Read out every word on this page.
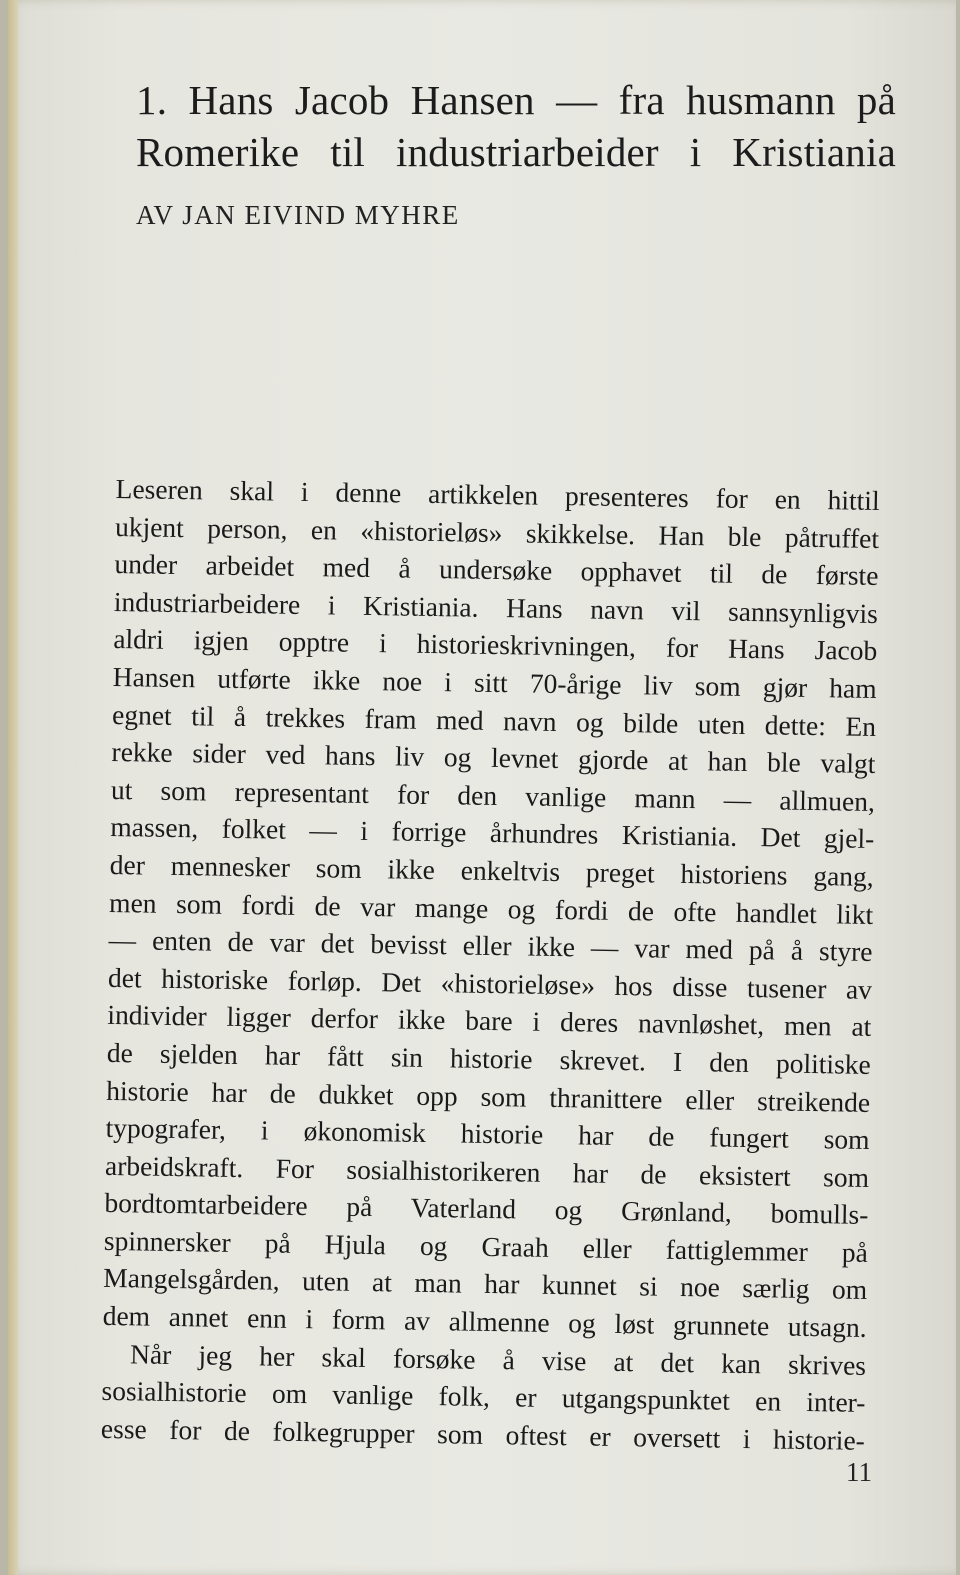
1. Hans Jacob Hansen — fra husmann på
Romerike til industriarbeider i Kristiania

AV JAN EIVIND MYHRE

Leseren skal i denne artikkelen presenteres for en hittil
ukjent person, en «historieløs» skikkelse. Han ble påtruffet
under arbeidet med å undersøke opphavet til de første
industriarbeidere i Kristiania. Hans navn vil sannsynligvis
aldri igjen opptre i historieskrivningen, for Hans Jacob
Hansen utførte ikke noe i sitt 70-årige liv som gjør ham
egnet til å trekkes fram med navn og bilde uten dette: En
rekke sider ved hans liv og levnet gjorde at han ble valgt
ut som representant for den vanlige mann — allmuen,
massen, folket — i forrige århundres Kristiania. Det gjel-
der mennesker som ikke enkeltvis preget historiens gang,
men som fordi de var mange og fordi de ofte handlet likt
— enten de var det bevisst eller ikke — var med på å styre
det historiske forløp. Det «historieløse» hos disse tusener av
individer ligger derfor ikke bare i deres navnløshet, men at
de sjelden har fått sin historie skrevet. I den politiske
historie har de dukket opp som thranittere eller streikende
typografer, i økonomisk historie har de fungert som
arbeidskraft. For sosialhistorikeren har de eksistert som
bordtomtarbeidere på Vaterland og Grønland, bomulls-
spinnersker på Hjula og Graah eller fattiglemmer på
Mangelsgården, uten at man har kunnet si noe særlig om
dem annet enn i form av allmenne og løst grunnete utsagn.
Når jeg her skal forsøke å vise at det kan skrives
sosialhistorie om vanlige folk, er utgangspunktet en inter-
esse for de folkegrupper som oftest er oversett i historie-
11
